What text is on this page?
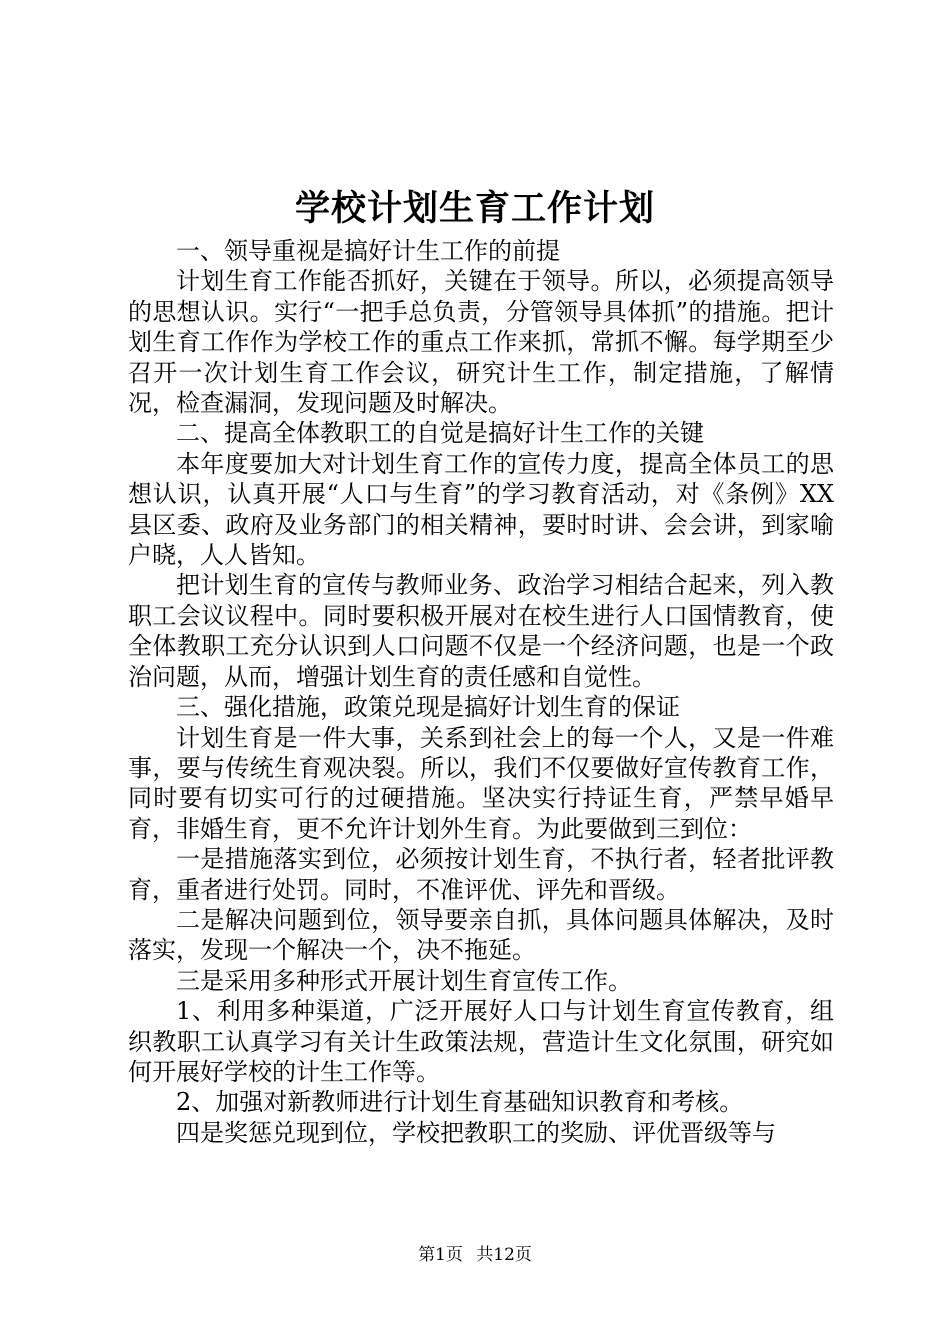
学校计划生育工作计划

一、领导重视是搞好计生工作的前提

计划生育工作能否抓好，关键在于领导。所以，必须提高领导的思想认识。实行“一把手总负责，分管领导具体抓”的措施。把计划生育工作作为学校工作的重点工作来抓，常抓不懈。每学期至少召开一次计划生育工作会议，研究计生工作，制定措施，了解情况，检查漏洞，发现问题及时解决。

二、提高全体教职工的自觉是搞好计生工作的关键

本年度要加大对计划生育工作的宣传力度，提高全体员工的思想认识，认真开展“人口与生育”的学习教育活动，对《条例》XX县区委、政府及业务部门的相关精神，要时时讲、会会讲，到家喻户晓，人人皆知。

把计划生育的宣传与教师业务、政治学习相结合起来，列入教职工会议议程中。同时要积极开展对在校生进行人口国情教育，使全体教职工充分认识到人口问题不仅是一个经济问题，也是一个政治问题，从而，增强计划生育的责任感和自觉性。

三、强化措施，政策兑现是搞好计划生育的保证

计划生育是一件大事，关系到社会上的每一个人，又是一件难事，要与传统生育观决裂。所以，我们不仅要做好宣传教育工作，同时要有切实可行的过硬措施。坚决实行持证生育，严禁早婚早育，非婚生育，更不允许计划外生育。为此要做到三到位：

一是措施落实到位，必须按计划生育，不执行者，轻者批评教育，重者进行处罚。同时，不准评优、评先和晋级。

二是解决问题到位，领导要亲自抓，具体问题具体解决，及时落实，发现一个解决一个，决不拖延。

三是采用多种形式开展计划生育宣传工作。

1、利用多种渠道，广泛开展好人口与计划生育宣传教育，组织教职工认真学习有关计生政策法规，营造计生文化氛围，研究如何开展好学校的计生工作等。

2、加强对新教师进行计划生育基础知识教育和考核。

四是奖惩兑现到位，学校把教职工的奖励、评优晋级等与

第1页 共12页
